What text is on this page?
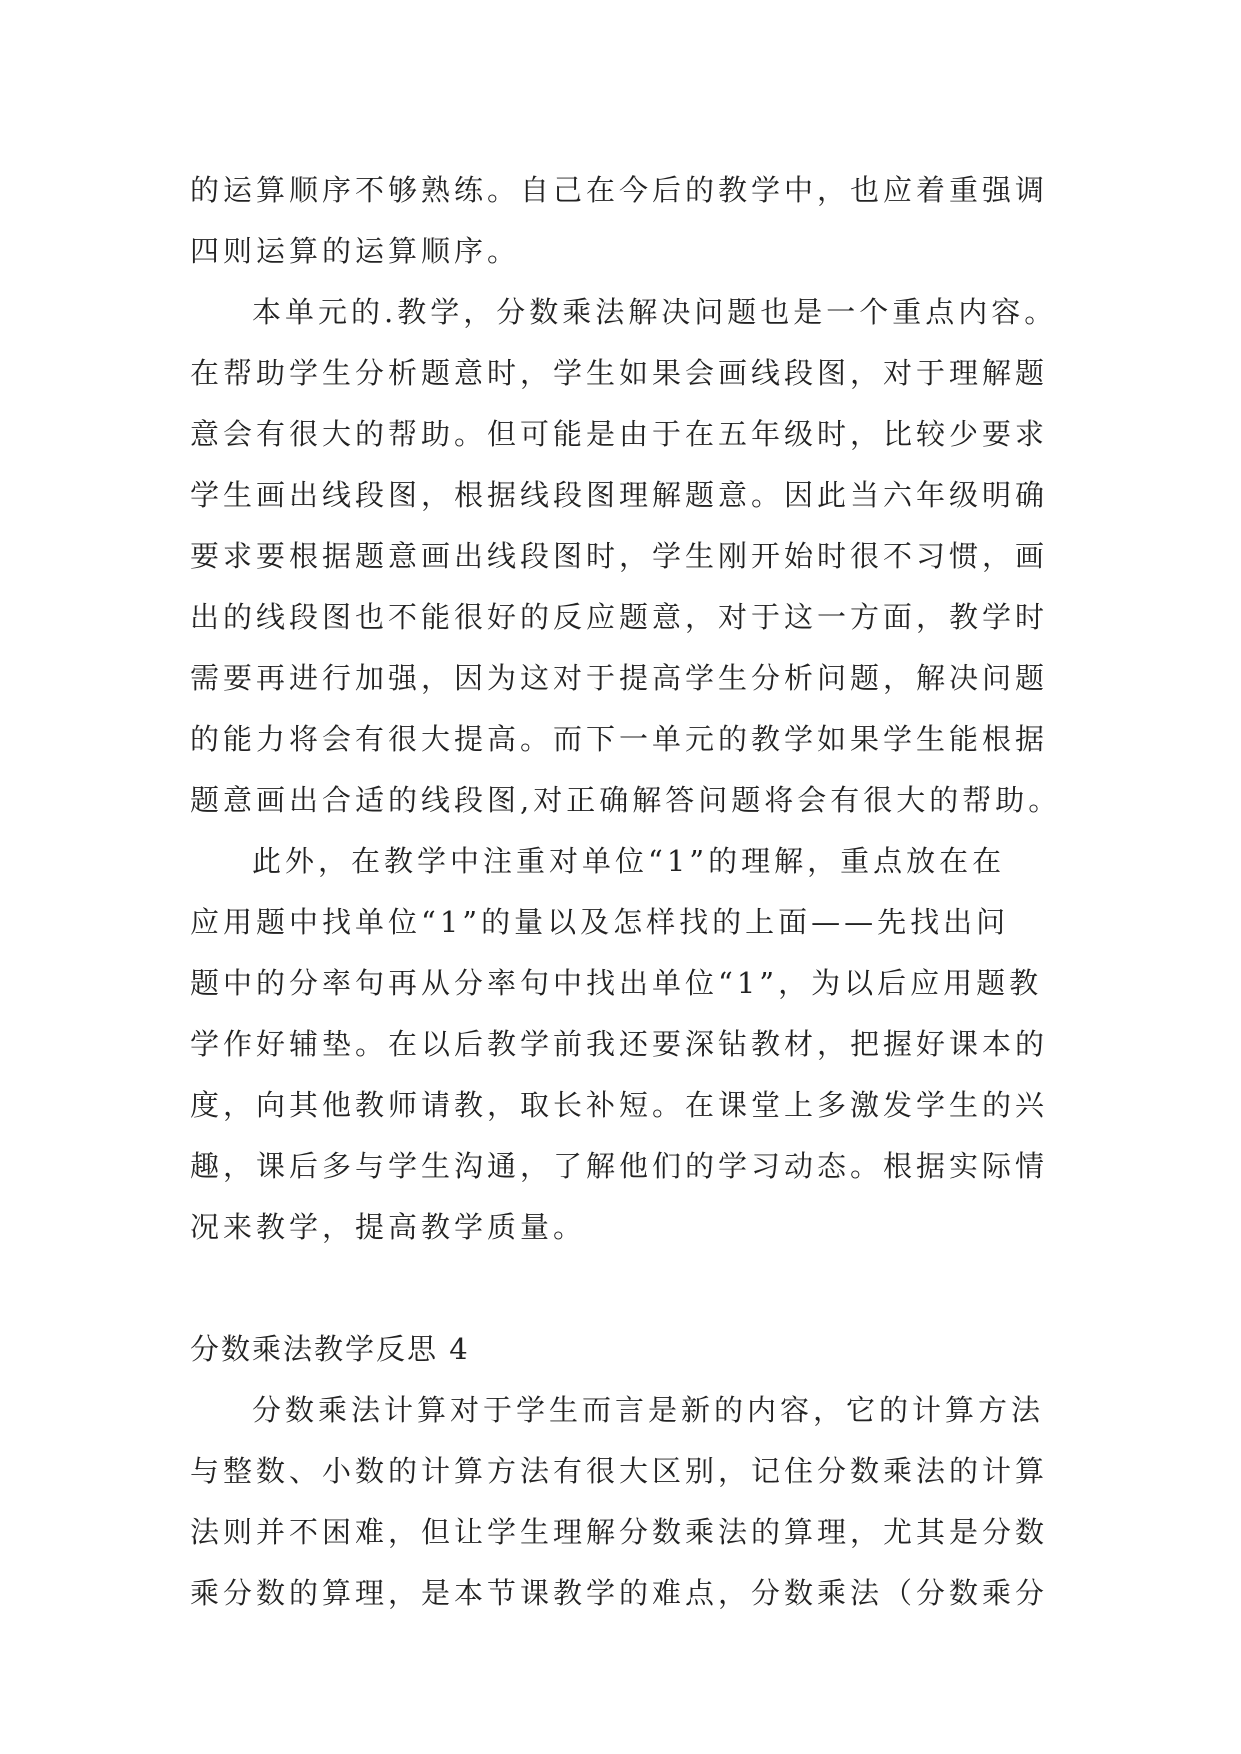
的运算顺序不够熟练。自己在今后的教学中，也应着重强调
四则运算的运算顺序。
本单元的.教学，分数乘法解决问题也是一个重点内容。
在帮助学生分析题意时，学生如果会画线段图，对于理解题
意会有很大的帮助。但可能是由于在五年级时，比较少要求
学生画出线段图，根据线段图理解题意。因此当六年级明确
要求要根据题意画出线段图时，学生刚开始时很不习惯，画
出的线段图也不能很好的反应题意，对于这一方面，教学时
需要再进行加强，因为这对于提高学生分析问题，解决问题
的能力将会有很大提高。而下一单元的教学如果学生能根据
题意画出合适的线段图,对正确解答问题将会有很大的帮助。
此外，在教学中注重对单位“1”的理解，重点放在在
应用题中找单位“1”的量以及怎样找的上面——先找出问
题中的分率句再从分率句中找出单位“1”，为以后应用题教
学作好辅垫。在以后教学前我还要深钻教材，把握好课本的
度，向其他教师请教，取长补短。在课堂上多激发学生的兴
趣，课后多与学生沟通，了解他们的学习动态。根据实际情
况来教学，提高教学质量。
分数乘法教学反思 4
分数乘法计算对于学生而言是新的内容，它的计算方法
与整数、小数的计算方法有很大区别，记住分数乘法的计算
法则并不困难，但让学生理解分数乘法的算理，尤其是分数
乘分数的算理，是本节课教学的难点，分数乘法（分数乘分
